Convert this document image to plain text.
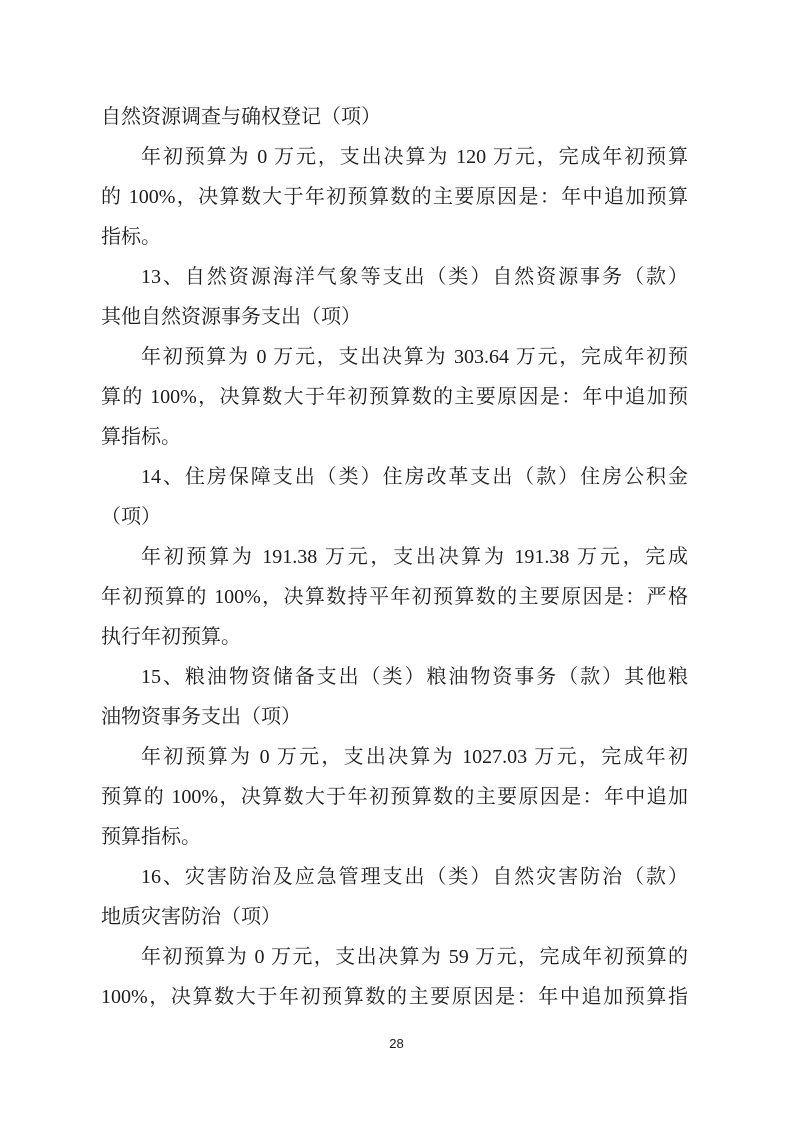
自然资源调查与确权登记（项）
年初预算为 0 万元，支出决算为 120 万元，完成年初预算
的 100%，决算数大于年初预算数的主要原因是：年中追加预算
指标。
13、自然资源海洋气象等支出（类）自然资源事务（款）
其他自然资源事务支出（项）
年初预算为 0 万元，支出决算为 303.64 万元，完成年初预
算的 100%，决算数大于年初预算数的主要原因是：年中追加预
算指标。
14、住房保障支出（类）住房改革支出（款）住房公积金
（项）
年初预算为 191.38 万元，支出决算为 191.38 万元，完成
年初预算的 100%，决算数持平年初预算数的主要原因是：严格
执行年初预算。
15、粮油物资储备支出（类）粮油物资事务（款）其他粮
油物资事务支出（项）
年初预算为 0 万元，支出决算为 1027.03 万元，完成年初
预算的 100%，决算数大于年初预算数的主要原因是：年中追加
预算指标。
16、灾害防治及应急管理支出（类）自然灾害防治（款）
地质灾害防治（项）
年初预算为 0 万元，支出决算为 59 万元，完成年初预算的
100%，决算数大于年初预算数的主要原因是：年中追加预算指
28
